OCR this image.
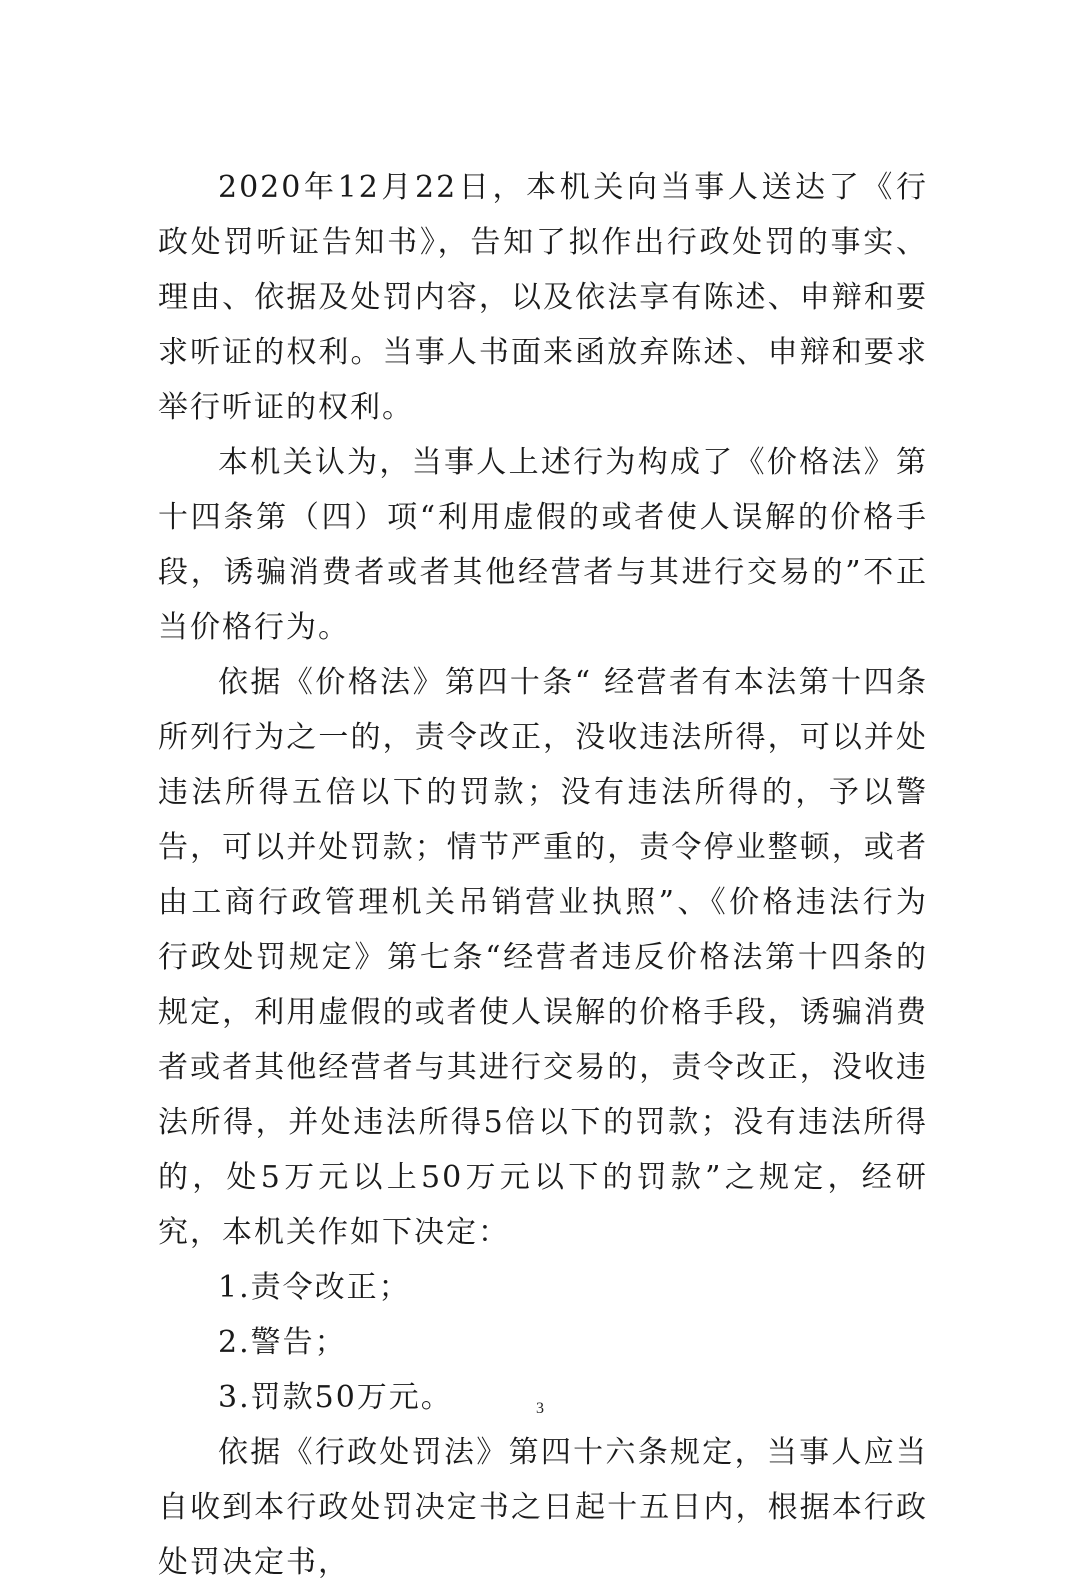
2020年12月22日，本机关向当事人送达了《行政处罚听证告知书》，告知了拟作出行政处罚的事实、理由、依据及处罚内容，以及依法享有陈述、申辩和要求听证的权利。当事人书面来函放弃陈述、申辩和要求举行听证的权利。

本机关认为，当事人上述行为构成了《价格法》第十四条第（四）项“利用虚假的或者使人误解的价格手段，诱骗消费者或者其他经营者与其进行交易的”不正当价格行为。

依据《价格法》第四十条“ 经营者有本法第十四条所列行为之一的，责令改正，没收违法所得，可以并处违法所得五倍以下的罚款；没有违法所得的，予以警告，可以并处罚款；情节严重的，责令停业整顿，或者由工商行政管理机关吊销营业执照”、《价格违法行为行政处罚规定》第七条“经营者违反价格法第十四条的规定，利用虚假的或者使人误解的价格手段，诱骗消费者或者其他经营者与其进行交易的，责令改正，没收违法所得，并处违法所得5倍以下的罚款；没有违法所得的，处5万元以上50万元以下的罚款”之规定，经研究，本机关作如下决定：

1.责令改正；

2.警告；

3.罚款50万元。

依据《行政处罚法》第四十六条规定，当事人应当自收到本行政处罚决定书之日起十五日内，根据本行政处罚决定书，

3
